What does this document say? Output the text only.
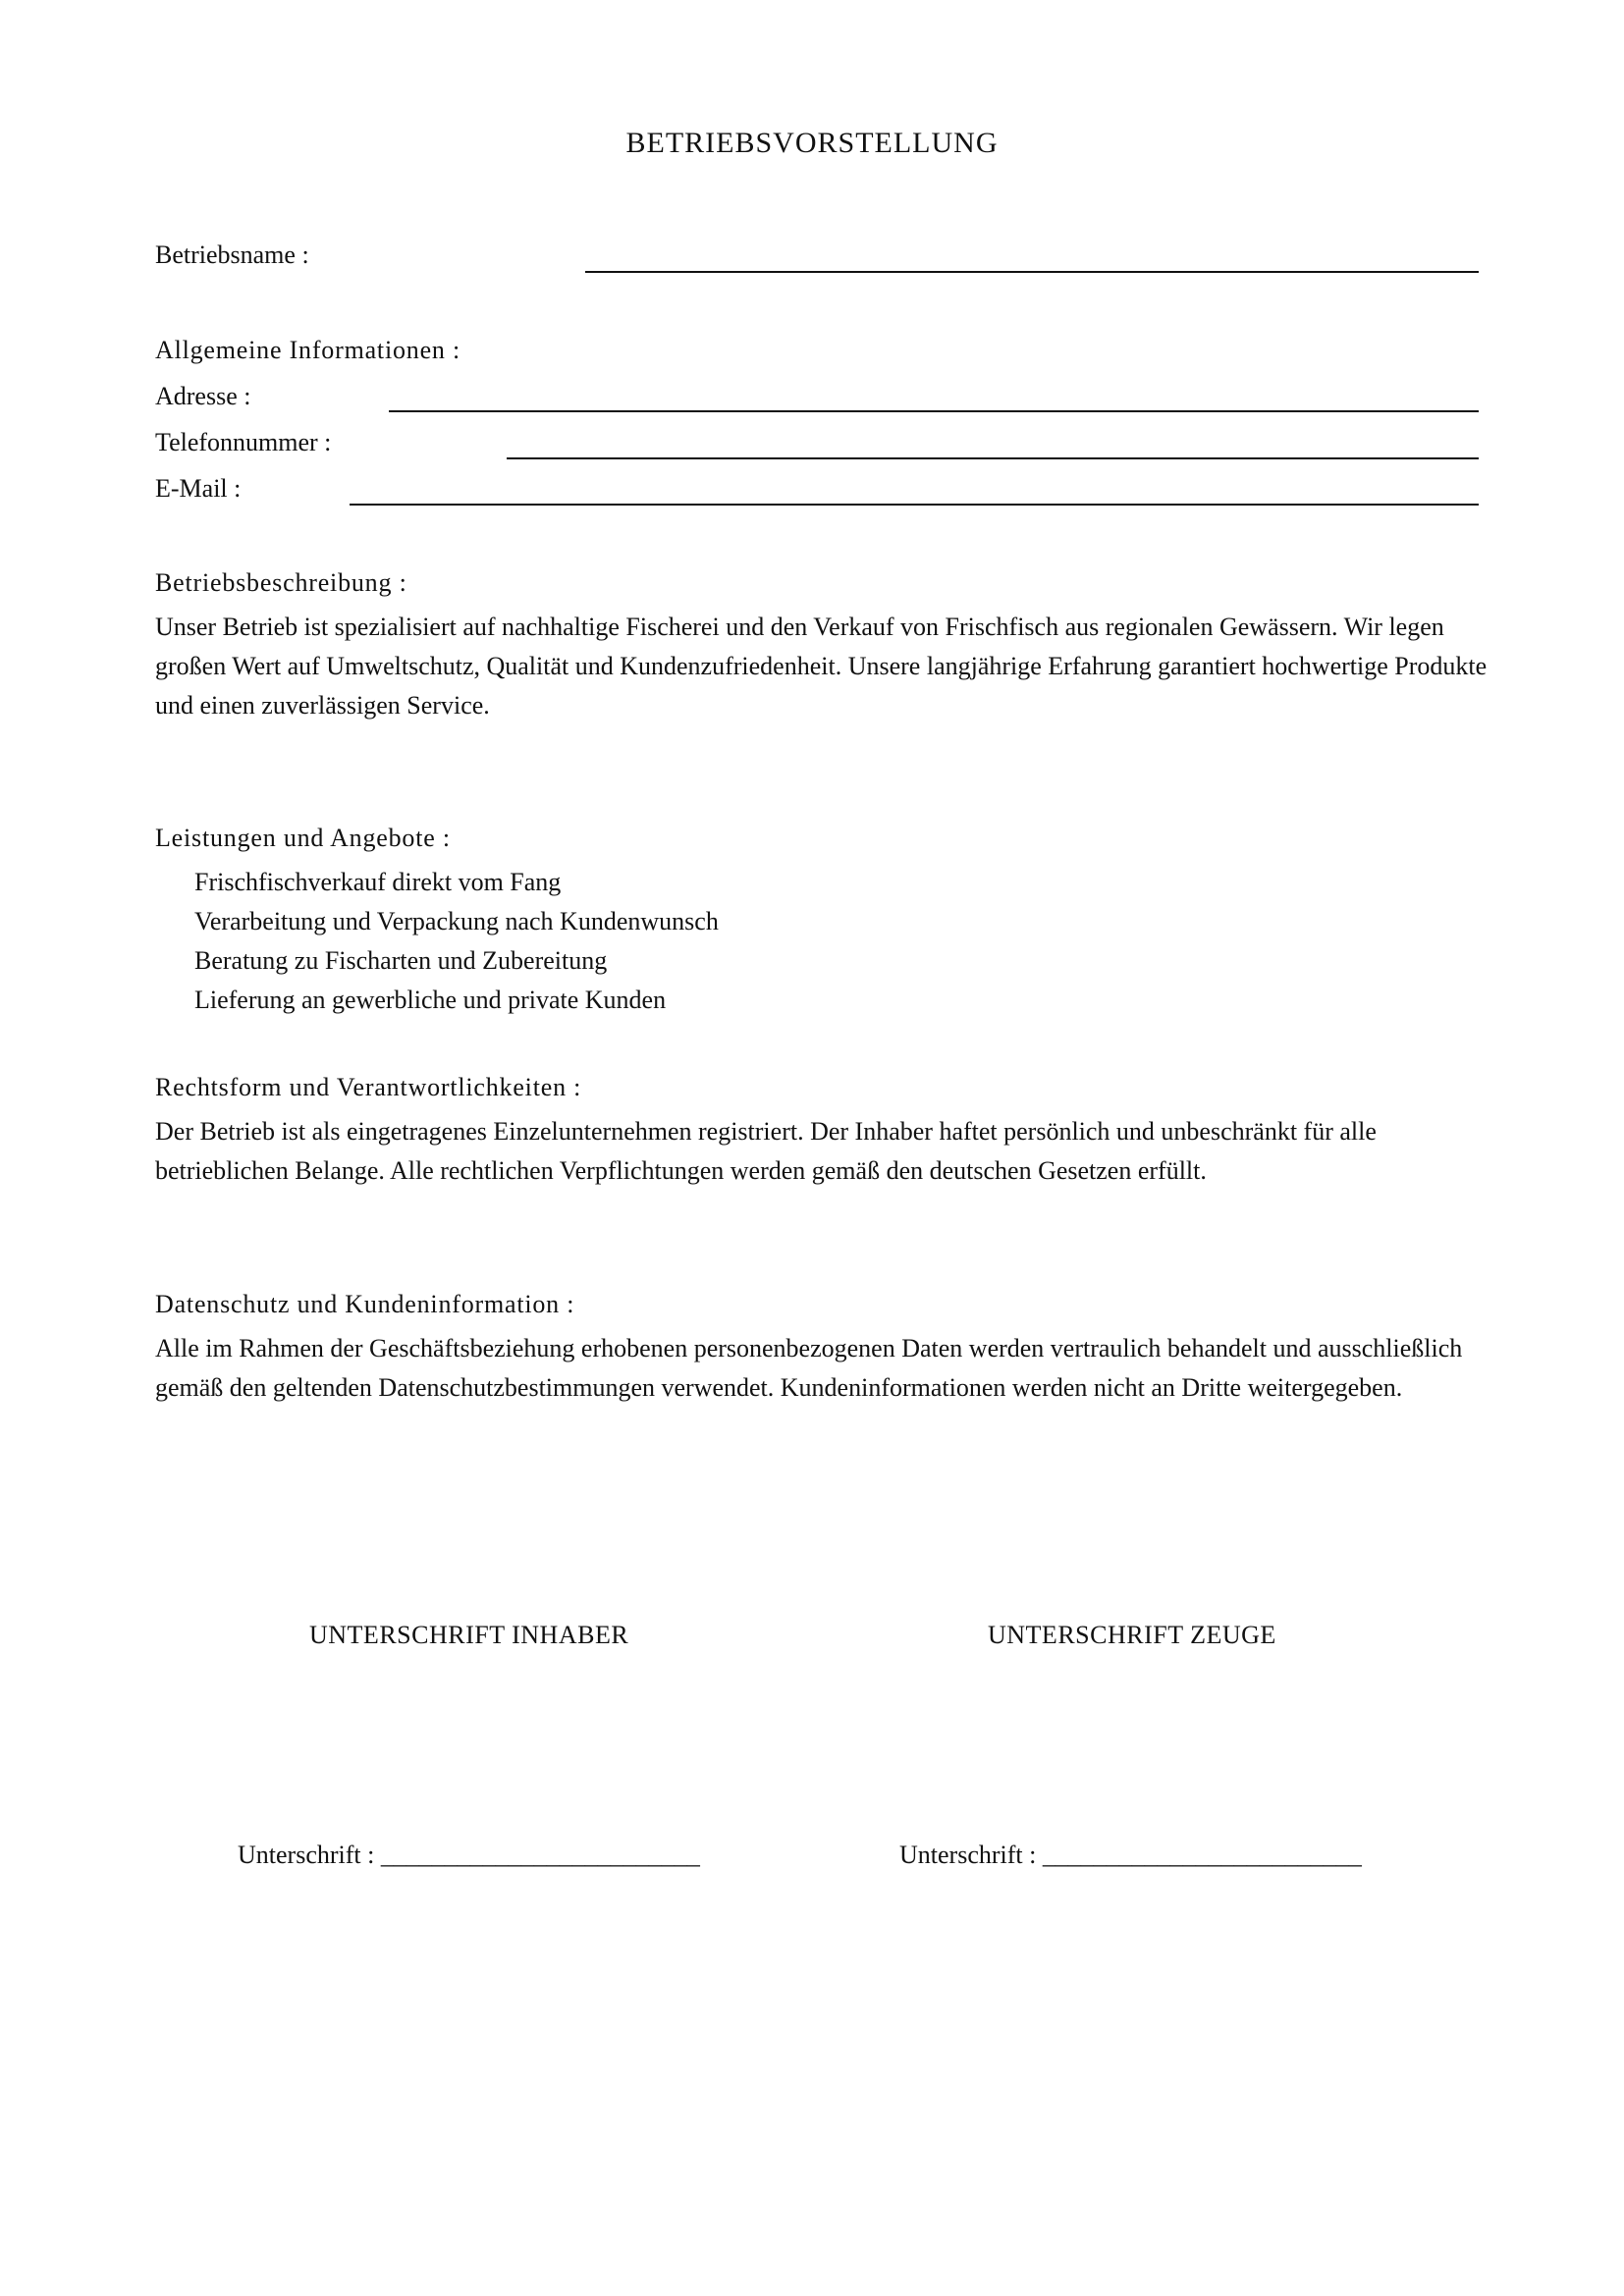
BETRIEBSVORSTELLUNG
Betriebsname :
Allgemeine Informationen :
Adresse :
Telefonnummer :
E-Mail :
Betriebsbeschreibung :
Unser Betrieb ist spezialisiert auf nachhaltige Fischerei und den Verkauf von Frischfisch aus regionalen Gewässern. Wir legen großen Wert auf Umweltschutz, Qualität und Kundenzufriedenheit. Unsere langjährige Erfahrung garantiert hochwertige Produkte und einen zuverlässigen Service.
Leistungen und Angebote :
Frischfischverkauf direkt vom Fang
Verarbeitung und Verpackung nach Kundenwunsch
Beratung zu Fischarten und Zubereitung
Lieferung an gewerbliche und private Kunden
Rechtsform und Verantwortlichkeiten :
Der Betrieb ist als eingetragenes Einzelunternehmen registriert. Der Inhaber haftet persönlich und unbeschränkt für alle betrieblichen Belange. Alle rechtlichen Verpflichtungen werden gemäß den deutschen Gesetzen erfüllt.
Datenschutz und Kundeninformation :
Alle im Rahmen der Geschäftsbeziehung erhobenen personenbezogenen Daten werden vertraulich behandelt und ausschließlich gemäß den geltenden Datenschutzbestimmungen verwendet. Kundeninformationen werden nicht an Dritte weitergegeben.
UNTERSCHRIFT INHABER	UNTERSCHRIFT ZEUGE
Unterschrift : _________________________	Unterschrift : _________________________
